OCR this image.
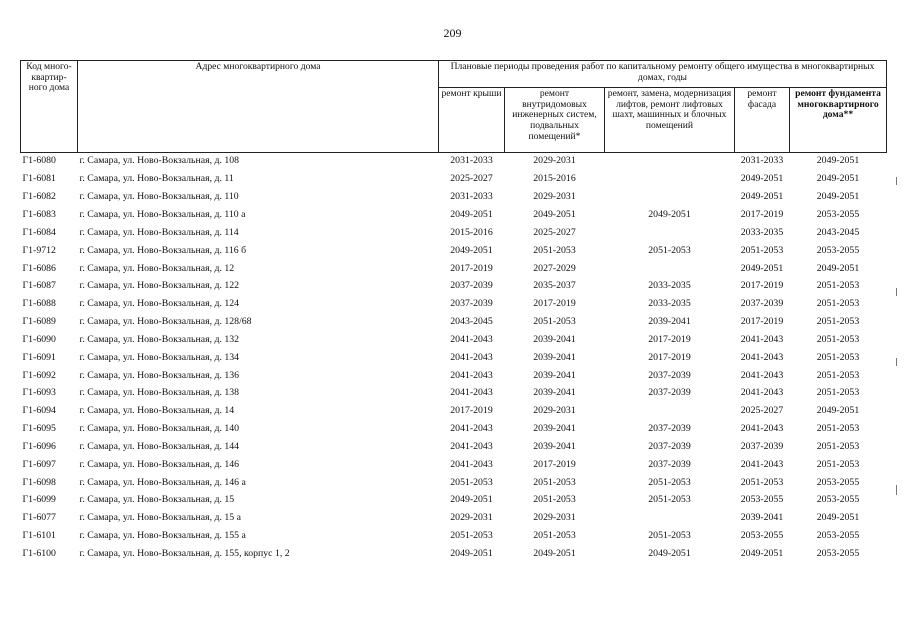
209
Код много-квартир-ного дома	Адрес многоквартирного дома	Плановые периоды проведения работ по капитальному ремонту общего имущества в многоквартирных домах, годы				
		ремонт крыши	ремонт внутридомовых инженерных систем, подвальных помещений*	ремонт, замена, модернизация лифтов, ремонт лифтовых шахт, машинных и блочных помещений	ремонт фасада	ремонт фундамента многоквартирного дома**
Г1-6080	г. Самара, ул. Ново-Вокзальная, д. 108	2031-2033	2029-2031		2031-2033	2049-2051
Г1-6081	г. Самара, ул. Ново-Вокзальная, д. 11	2025-2027	2015-2016		2049-2051	2049-2051
Г1-6082	г. Самара, ул. Ново-Вокзальная, д. 110	2031-2033	2029-2031		2049-2051	2049-2051
Г1-6083	г. Самара, ул. Ново-Вокзальная, д. 110 а	2049-2051	2049-2051	2049-2051	2017-2019	2053-2055
Г1-6084	г. Самара, ул. Ново-Вокзальная, д. 114	2015-2016	2025-2027		2033-2035	2043-2045
Г1-9712	г. Самара, ул. Ново-Вокзальная, д. 116 б	2049-2051	2051-2053	2051-2053	2051-2053	2053-2055
Г1-6086	г. Самара, ул. Ново-Вокзальная, д. 12	2017-2019	2027-2029		2049-2051	2049-2051
Г1-6087	г. Самара, ул. Ново-Вокзальная, д. 122	2037-2039	2035-2037	2033-2035	2017-2019	2051-2053
Г1-6088	г. Самара, ул. Ново-Вокзальная, д. 124	2037-2039	2017-2019	2033-2035	2037-2039	2051-2053
Г1-6089	г. Самара, ул. Ново-Вокзальная, д. 128/68	2043-2045	2051-2053	2039-2041	2017-2019	2051-2053
Г1-6090	г. Самара, ул. Ново-Вокзальная, д. 132	2041-2043	2039-2041	2017-2019	2041-2043	2051-2053
Г1-6091	г. Самара, ул. Ново-Вокзальная, д. 134	2041-2043	2039-2041	2017-2019	2041-2043	2051-2053
Г1-6092	г. Самара, ул. Ново-Вокзальная, д. 136	2041-2043	2039-2041	2037-2039	2041-2043	2051-2053
Г1-6093	г. Самара, ул. Ново-Вокзальная, д. 138	2041-2043	2039-2041	2037-2039	2041-2043	2051-2053
Г1-6094	г. Самара, ул. Ново-Вокзальная, д. 14	2017-2019	2029-2031		2025-2027	2049-2051
Г1-6095	г. Самара, ул. Ново-Вокзальная, д. 140	2041-2043	2039-2041	2037-2039	2041-2043	2051-2053
Г1-6096	г. Самара, ул. Ново-Вокзальная, д. 144	2041-2043	2039-2041	2037-2039	2037-2039	2051-2053
Г1-6097	г. Самара, ул. Ново-Вокзальная, д. 146	2041-2043	2017-2019	2037-2039	2041-2043	2051-2053
Г1-6098	г. Самара, ул. Ново-Вокзальная, д. 146 а	2051-2053	2051-2053	2051-2053	2051-2053	2053-2055
Г1-6099	г. Самара, ул. Ново-Вокзальная, д. 15	2049-2051	2051-2053	2051-2053	2053-2055	2053-2055
Г1-6077	г. Самара, ул. Ново-Вокзальная, д. 15 а	2029-2031	2029-2031		2039-2041	2049-2051
Г1-6101	г. Самара, ул. Ново-Вокзальная, д. 155 а	2051-2053	2051-2053	2051-2053	2053-2055	2053-2055
Г1-6100	г. Самара, ул. Ново-Вокзальная, д. 155, корпус 1, 2	2049-2051	2049-2051	2049-2051	2049-2051	2053-2055
